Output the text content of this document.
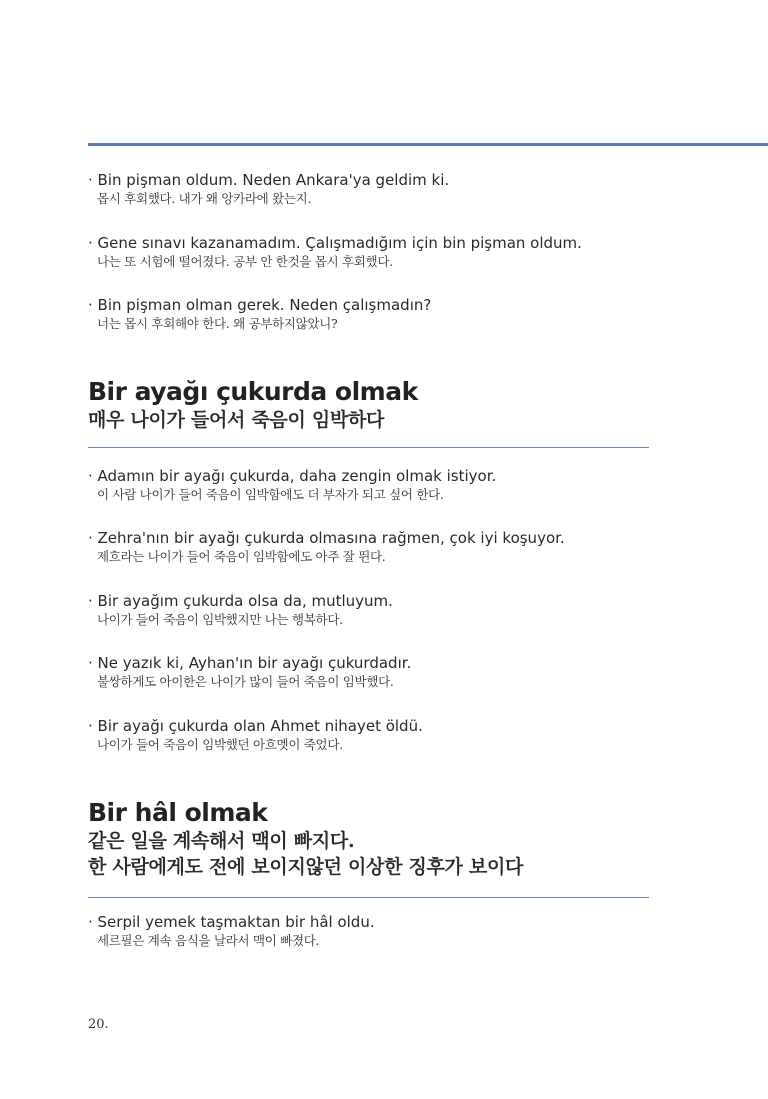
· Bin pişman oldum. Neden Ankara'ya geldim ki.
몹시 후회했다. 내가 왜 앙카라에 왔는지.
· Gene sınavı kazanamadım. Çalışmadığım için bin pişman oldum.
나는 또 시험에 떨어졌다. 공부 안 한것을 몹시 후회했다.
· Bin pişman olman gerek. Neden çalışmadın?
너는 몹시 후회해야 한다. 왜 공부하지않았니?
Bir ayağı çukurda olmak
매우 나이가 들어서 죽음이 임박하다
· Adamın bir ayağı çukurda, daha zengin olmak istiyor.
이 사람 나이가 들어 죽음이 임박함에도 더 부자가 되고 싶어 한다.
· Zehra'nın bir ayağı çukurda olmasına rağmen, çok iyi koşuyor.
제흐라는 나이가 들어 죽음이 임박함에도 아주 잘 뛴다.
· Bir ayağım çukurda olsa da, mutluyum.
나이가 들어 죽음이 임박했지만 나는 행복하다.
· Ne yazık ki, Ayhan'ın bir ayağı çukurdadır.
불쌍하게도 아이한은 나이가 많이 들어 죽음이 임박했다.
· Bir ayağı çukurda olan Ahmet nihayet öldü.
나이가 들어 죽음이 임박했던 아흐멧이 죽었다.
Bir hâl olmak
같은 일을 계속해서 맥이 빠지다.
한 사람에게도 전에 보이지않던 이상한 징후가 보이다
· Serpil yemek taşmaktan bir hâl oldu.
세르필은 계속 음식을 날라서 맥이 빠졌다.
20.
